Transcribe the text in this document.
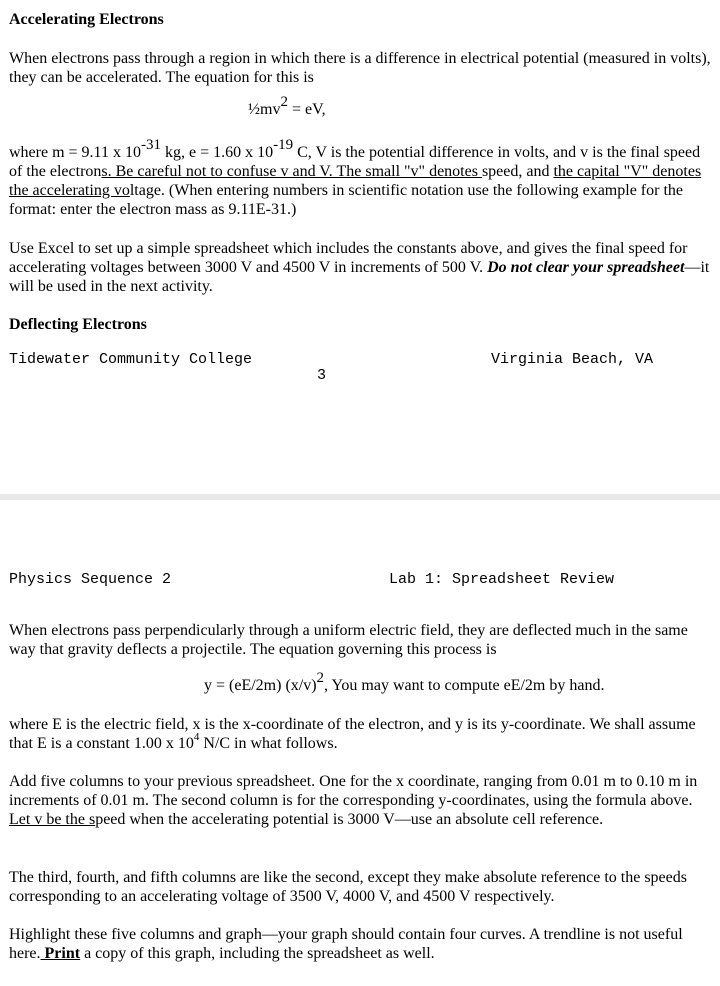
Accelerating Electrons

When electrons pass through a region in which there is a difference in electrical potential (measured in volts), they can be accelerated. The equation for this is

$\frac{1}{2}mv^2$ = eV,

where m = 9.11 x $10^{-31}$ kg, e = 1.60 x $10^{-19}$ C, V is the potential difference in volts, and v is the final speed of the electrons. Be careful not to confuse v and V. The small "v" denotes speed, and the capital "V" denotes the accelerating voltage. (When entering numbers in scientific notation use the following example for the format: enter the electron mass as 9.11E-31.)

Use Excel to set up a simple spreadsheet which includes the constants above, and gives the final speed for accelerating voltages between 3000 V and 4500 V in increments of 500 V. Do not clear your spreadsheet—it will be used in the next activity.

Deflecting Electrons
Tidewater Community College
3
Virginia Beach, VA
Physics Sequence 2	Lab 1: Spreadsheet Review

When electrons pass perpendicularly through a uniform electric field, they are deflected much in the same way that gravity deflects a projectile. The equation governing this process is

y = (eE/2m) $(x/v)^2$, You may want to compute eE/2m by hand.

where E is the electric field, x is the x-coordinate of the electron, and y is its y-coordinate. We shall assume that E is a constant 1.00 x $10^4$ N/C in what follows.

Add five columns to your previous spreadsheet. One for the x coordinate, ranging from 0.01 m to 0.10 m in increments of 0.01 m. The second column is for the corresponding y-coordinates, using the formula above. Let v be the speed when the accelerating potential is 3000 V—use an absolute cell reference.

The third, fourth, and fifth columns are like the second, except they make absolute reference to the speeds corresponding to an accelerating voltage of 3500 V, 4000 V, and 4500 V respectively.

Highlight these five columns and graph—your graph should contain four curves. A trendline is not useful here. Print a copy of this graph, including the spreadsheet as well.
